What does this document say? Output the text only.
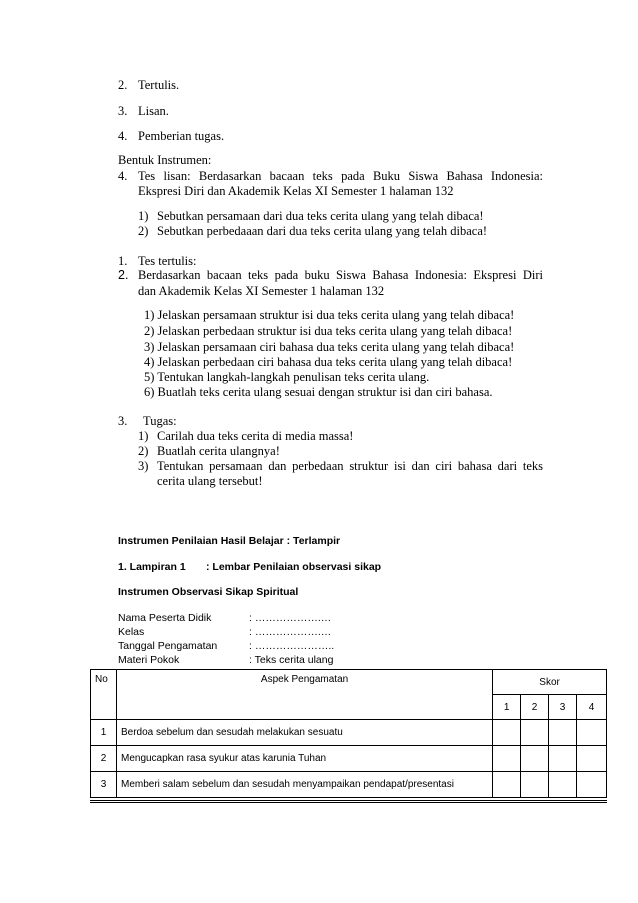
2. Tertulis.
3. Lisan.
4. Pemberian tugas.
Bentuk Instrumen:
4. Tes lisan: Berdasarkan bacaan teks pada Buku Siswa Bahasa Indonesia:
Ekspresi Diri dan Akademik Kelas XI Semester 1 halaman 132
1) Sebutkan persamaan dari dua teks cerita ulang yang telah dibaca!
2) Sebutkan perbedaaan dari dua teks cerita ulang yang telah dibaca!
1. Tes tertulis:
2. Berdasarkan bacaan teks pada buku Siswa Bahasa Indonesia: Ekspresi Diri
dan Akademik Kelas XI Semester 1 halaman 132
1) Jelaskan persamaan struktur isi dua teks cerita ulang yang telah dibaca!
2) Jelaskan perbedaan struktur isi dua teks cerita ulang yang telah dibaca!
3) Jelaskan persamaan ciri bahasa dua teks cerita ulang yang telah dibaca!
4) Jelaskan perbedaan ciri bahasa dua teks cerita ulang yang telah dibaca!
5) Tentukan langkah-langkah penulisan teks cerita ulang.
6) Buatlah teks cerita ulang sesuai dengan struktur isi dan ciri bahasa.
3. Tugas:
1) Carilah dua teks cerita di media massa!
2) Buatlah cerita ulangnya!
3) Tentukan persamaan dan perbedaan struktur isi dan ciri bahasa dari teks
cerita ulang tersebut!
Instrumen Penilaian Hasil Belajar : Terlampir
1. Lampiran 1 : Lembar Penilaian observasi sikap
Instrumen Observasi Sikap Spiritual
Nama Peserta Didik	: ……………….…
Kelas	: ……………….…
Tanggal Pengamatan	: …………………..
Materi Pokok	: Teks cerita ulang
No	Aspek Pengamatan	Skor			
		1	2	3	4
1	Berdoa sebelum dan sesudah melakukan sesuatu				
2	Mengucapkan rasa syukur atas karunia Tuhan				
3	Memberi salam sebelum dan sesudah menyampaikan pendapat/presentasi				
